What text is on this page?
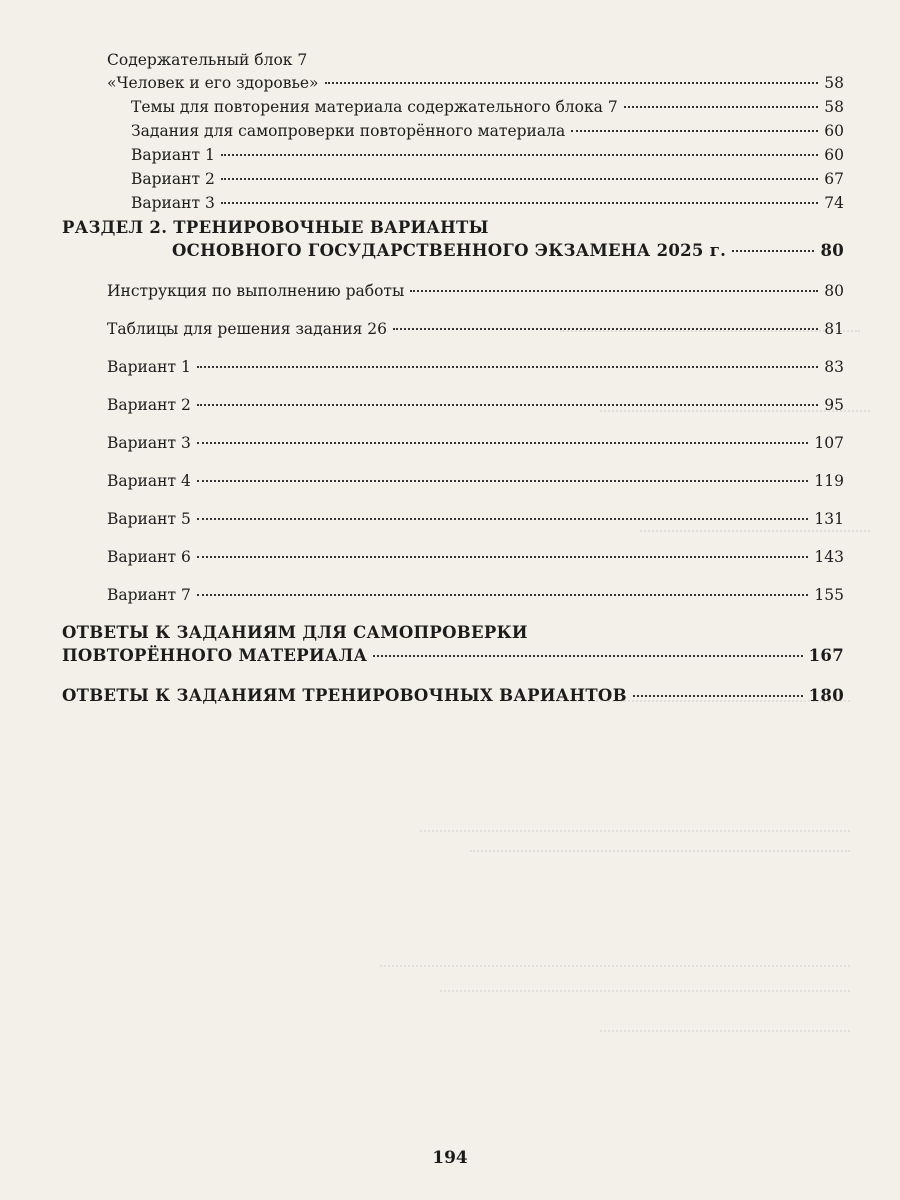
Содержательный блок 7
«Человек и его здоровье»	58
Темы для повторения материала содержательного блока 7	58
Задания для самопроверки повторённого материала	60
Вариант 1	60
Вариант 2	67
Вариант 3	74
РАЗДЕЛ 2. ТРЕНИРОВОЧНЫЕ ВАРИАНТЫ
ОСНОВНОГО ГОСУДАРСТВЕННОГО ЭКЗАМЕНА 2025 г.	80
Инструкция по выполнению работы	80
Таблицы для решения задания 26	81
Вариант 1	83
Вариант 2	95
Вариант 3	107
Вариант 4	119
Вариант 5	131
Вариант 6	143
Вариант 7	155
ОТВЕТЫ К ЗАДАНИЯМ ДЛЯ САМОПРОВЕРКИ
ПОВТОРЁННОГО МАТЕРИАЛА	167
ОТВЕТЫ К ЗАДАНИЯМ ТРЕНИРОВОЧНЫХ ВАРИАНТОВ	180
194
